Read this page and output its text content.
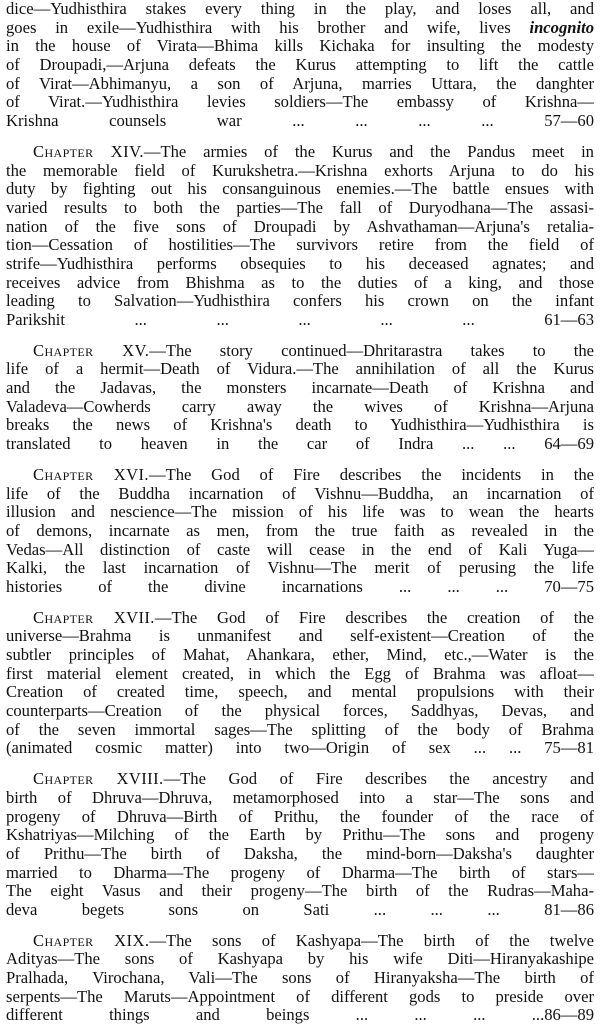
dice—Yudhisthira stakes every thing in the play, and loses all, and
goes in exile—Yudhisthira with his brother and wife, lives incognito
in the house of Virata—Bhima kills Kichaka for insulting the modesty
of Droupadi,—Arjuna defeats the Kurus attempting to lift the cattle
of Virat—Abhimanyu, a son of Arjuna, marries Uttara, the danghter
of Virat.—Yudhisthira levies soldiers—The embassy of Krishna—
Krishna counsels war ... ... ... ... 57—60
Chapter XIV.—The armies of the Kurus and the Pandus meet in
the memorable field of Kurukshetra.—Krishna exhorts Arjuna to do his
duty by fighting out his consanguinous enemies.—The battle ensues with
varied results to both the parties—The fall of Duryodhana—The assasi-
nation of the five sons of Droupadi by Ashvathaman—Arjuna's retalia-
tion—Cessation of hostilities—The survivors retire from the field of
strife—Yudhisthira performs obsequies to his deceased agnates; and
receives advice from Bhishma as to the duties of a king, and those
leading to Salvation—Yudhisthira confers his crown on the infant
Parikshit ... ... ... ... ... 61—63
Chapter XV.—The story continued—Dhritarastra takes to the
life of a hermit—Death of Vidura.—The annihilation of all the Kurus
and the Jadavas, the monsters incarnate—Death of Krishna and
Valadeva—Cowherds carry away the wives of Krishna—Arjuna
breaks the news of Krishna's death to Yudhisthira—Yudhisthira is
translated to heaven in the car of Indra ... ... 64—69
Chapter XVI.—The God of Fire describes the incidents in the
life of the Buddha incarnation of Vishnu—Buddha, an incarnation of
illusion and nescience—The mission of his life was to wean the hearts
of demons, incarnate as men, from the true faith as revealed in the
Vedas—All distinction of caste will cease in the end of Kali Yuga—
Kalki, the last incarnation of Vishnu—The merit of perusing the life
histories of the divine incarnations ... ... ... 70—75
Chapter XVII.—The God of Fire describes the creation of the
universe—Brahma is unmanifest and self-existent—Creation of the
subtler principles of Mahat, Ahankara, ether, Mind, etc.,—Water is the
first material element created, in which the Egg of Brahma was afloat—
Creation of created time, speech, and mental propulsions with their
counterparts—Creation of the physical forces, Saddhyas, Devas, and
of the seven immortal sages—The splitting of the body of Brahma
(animated cosmic matter) into two—Origin of sex ... ... 75—81
Chapter XVIII.—The God of Fire describes the ancestry and
birth of Dhruva—Dhruva, metamorphosed into a star—The sons and
progeny of Dhruva—Birth of Prithu, the founder of the race of
Kshatriyas—Milching of the Earth by Prithu—The sons and progeny
of Prithu—The birth of Daksha, the mind-born—Daksha's daughter
married to Dharma—The progeny of Dharma—The birth of stars—
The eight Vasus and their progeny—The birth of the Rudras—Maha-
deva begets sons on Sati ... ... ... 81—86
Chapter XIX.—The sons of Kashyapa—The birth of the twelve
Adityas—The sons of Kashyapa by his wife Diti—Hiranyakashipe
Pralhada, Virochana, Vali—The sons of Hiranyaksha—The birth of
serpents—The Maruts—Appointment of different gods to preside over
different things and beings ... ... ... ...86—89
